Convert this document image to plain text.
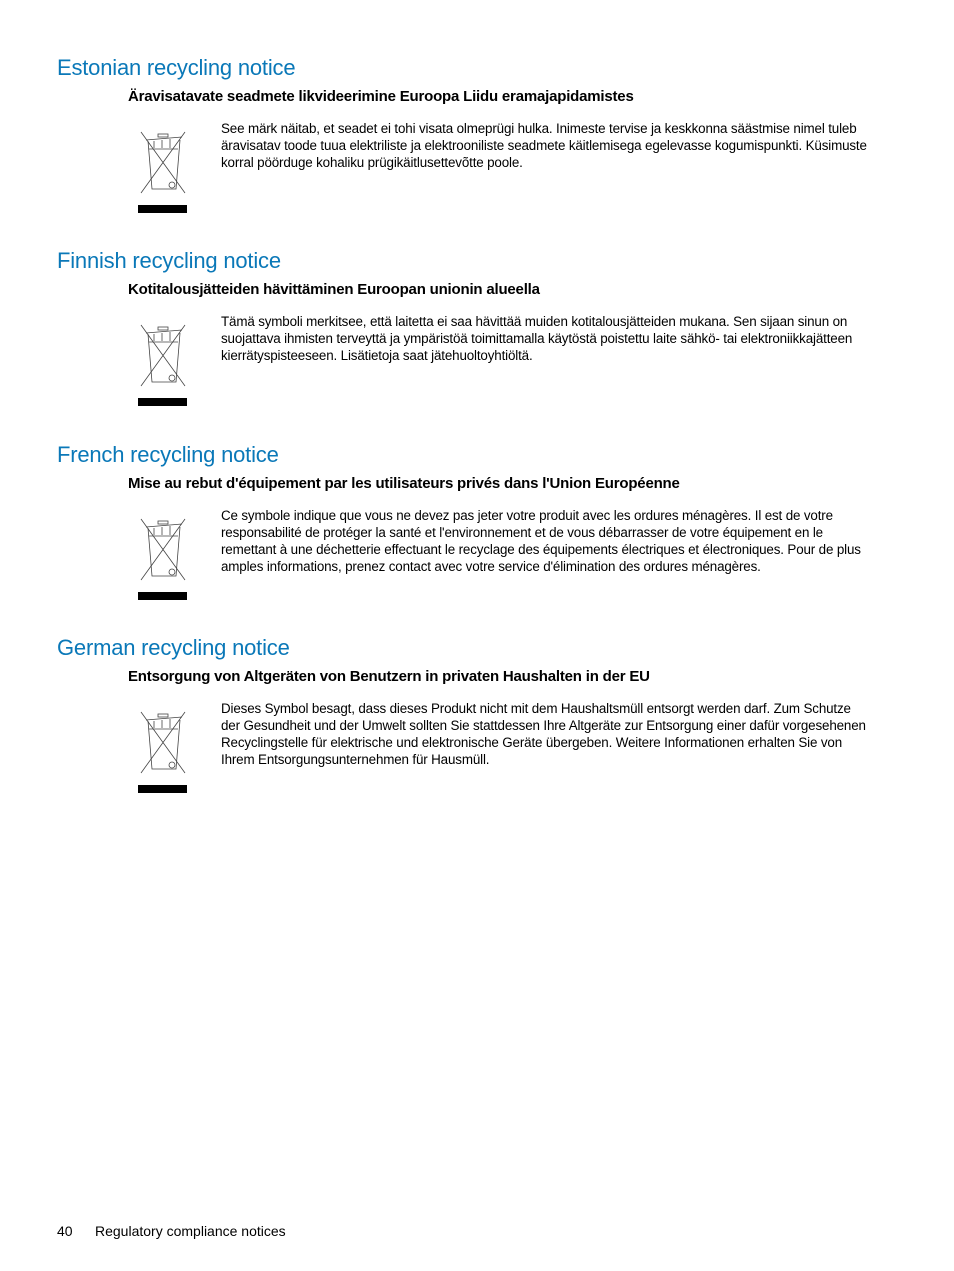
Estonian recycling notice
Äravisatavate seadmete likvideerimine Euroopa Liidu eramajapidamistes

See märk näitab, et seadet ei tohi visata olmeprügi hulka. Inimeste tervise ja keskkonna säästmise nimel tuleb äravisatav toode tuua elektriliste ja elektrooniliste seadmete käitlemisega egelevasse kogumispunkti. Küsimuste korral pöörduge kohaliku prügikäitlusettevõtte poole.

Finnish recycling notice
Kotitalousjätteiden hävittäminen Euroopan unionin alueella

Tämä symboli merkitsee, että laitetta ei saa hävittää muiden kotitalousjätteiden mukana. Sen sijaan sinun on suojattava ihmisten terveyttä ja ympäristöä toimittamalla käytöstä poistettu laite sähkö- tai elektroniikkajätteen kierrätyspisteeseen. Lisätietoja saat jätehuoltoyhtiöltä.

French recycling notice
Mise au rebut d'équipement par les utilisateurs privés dans l'Union Européenne

Ce symbole indique que vous ne devez pas jeter votre produit avec les ordures ménagères. Il est de votre responsabilité de protéger la santé et l'environnement et de vous débarrasser de votre équipement en le remettant à une déchetterie effectuant le recyclage des équipements électriques et électroniques. Pour de plus amples informations, prenez contact avec votre service d'élimination des ordures ménagères.

German recycling notice
Entsorgung von Altgeräten von Benutzern in privaten Haushalten in der EU

Dieses Symbol besagt, dass dieses Produkt nicht mit dem Haushaltsmüll entsorgt werden darf. Zum Schutze der Gesundheit und der Umwelt sollten Sie stattdessen Ihre Altgeräte zur Entsorgung einer dafür vorgesehenen Recyclingstelle für elektrische und elektronische Geräte übergeben. Weitere Informationen erhalten Sie von Ihrem Entsorgungsunternehmen für Hausmüll.

40 Regulatory compliance notices
